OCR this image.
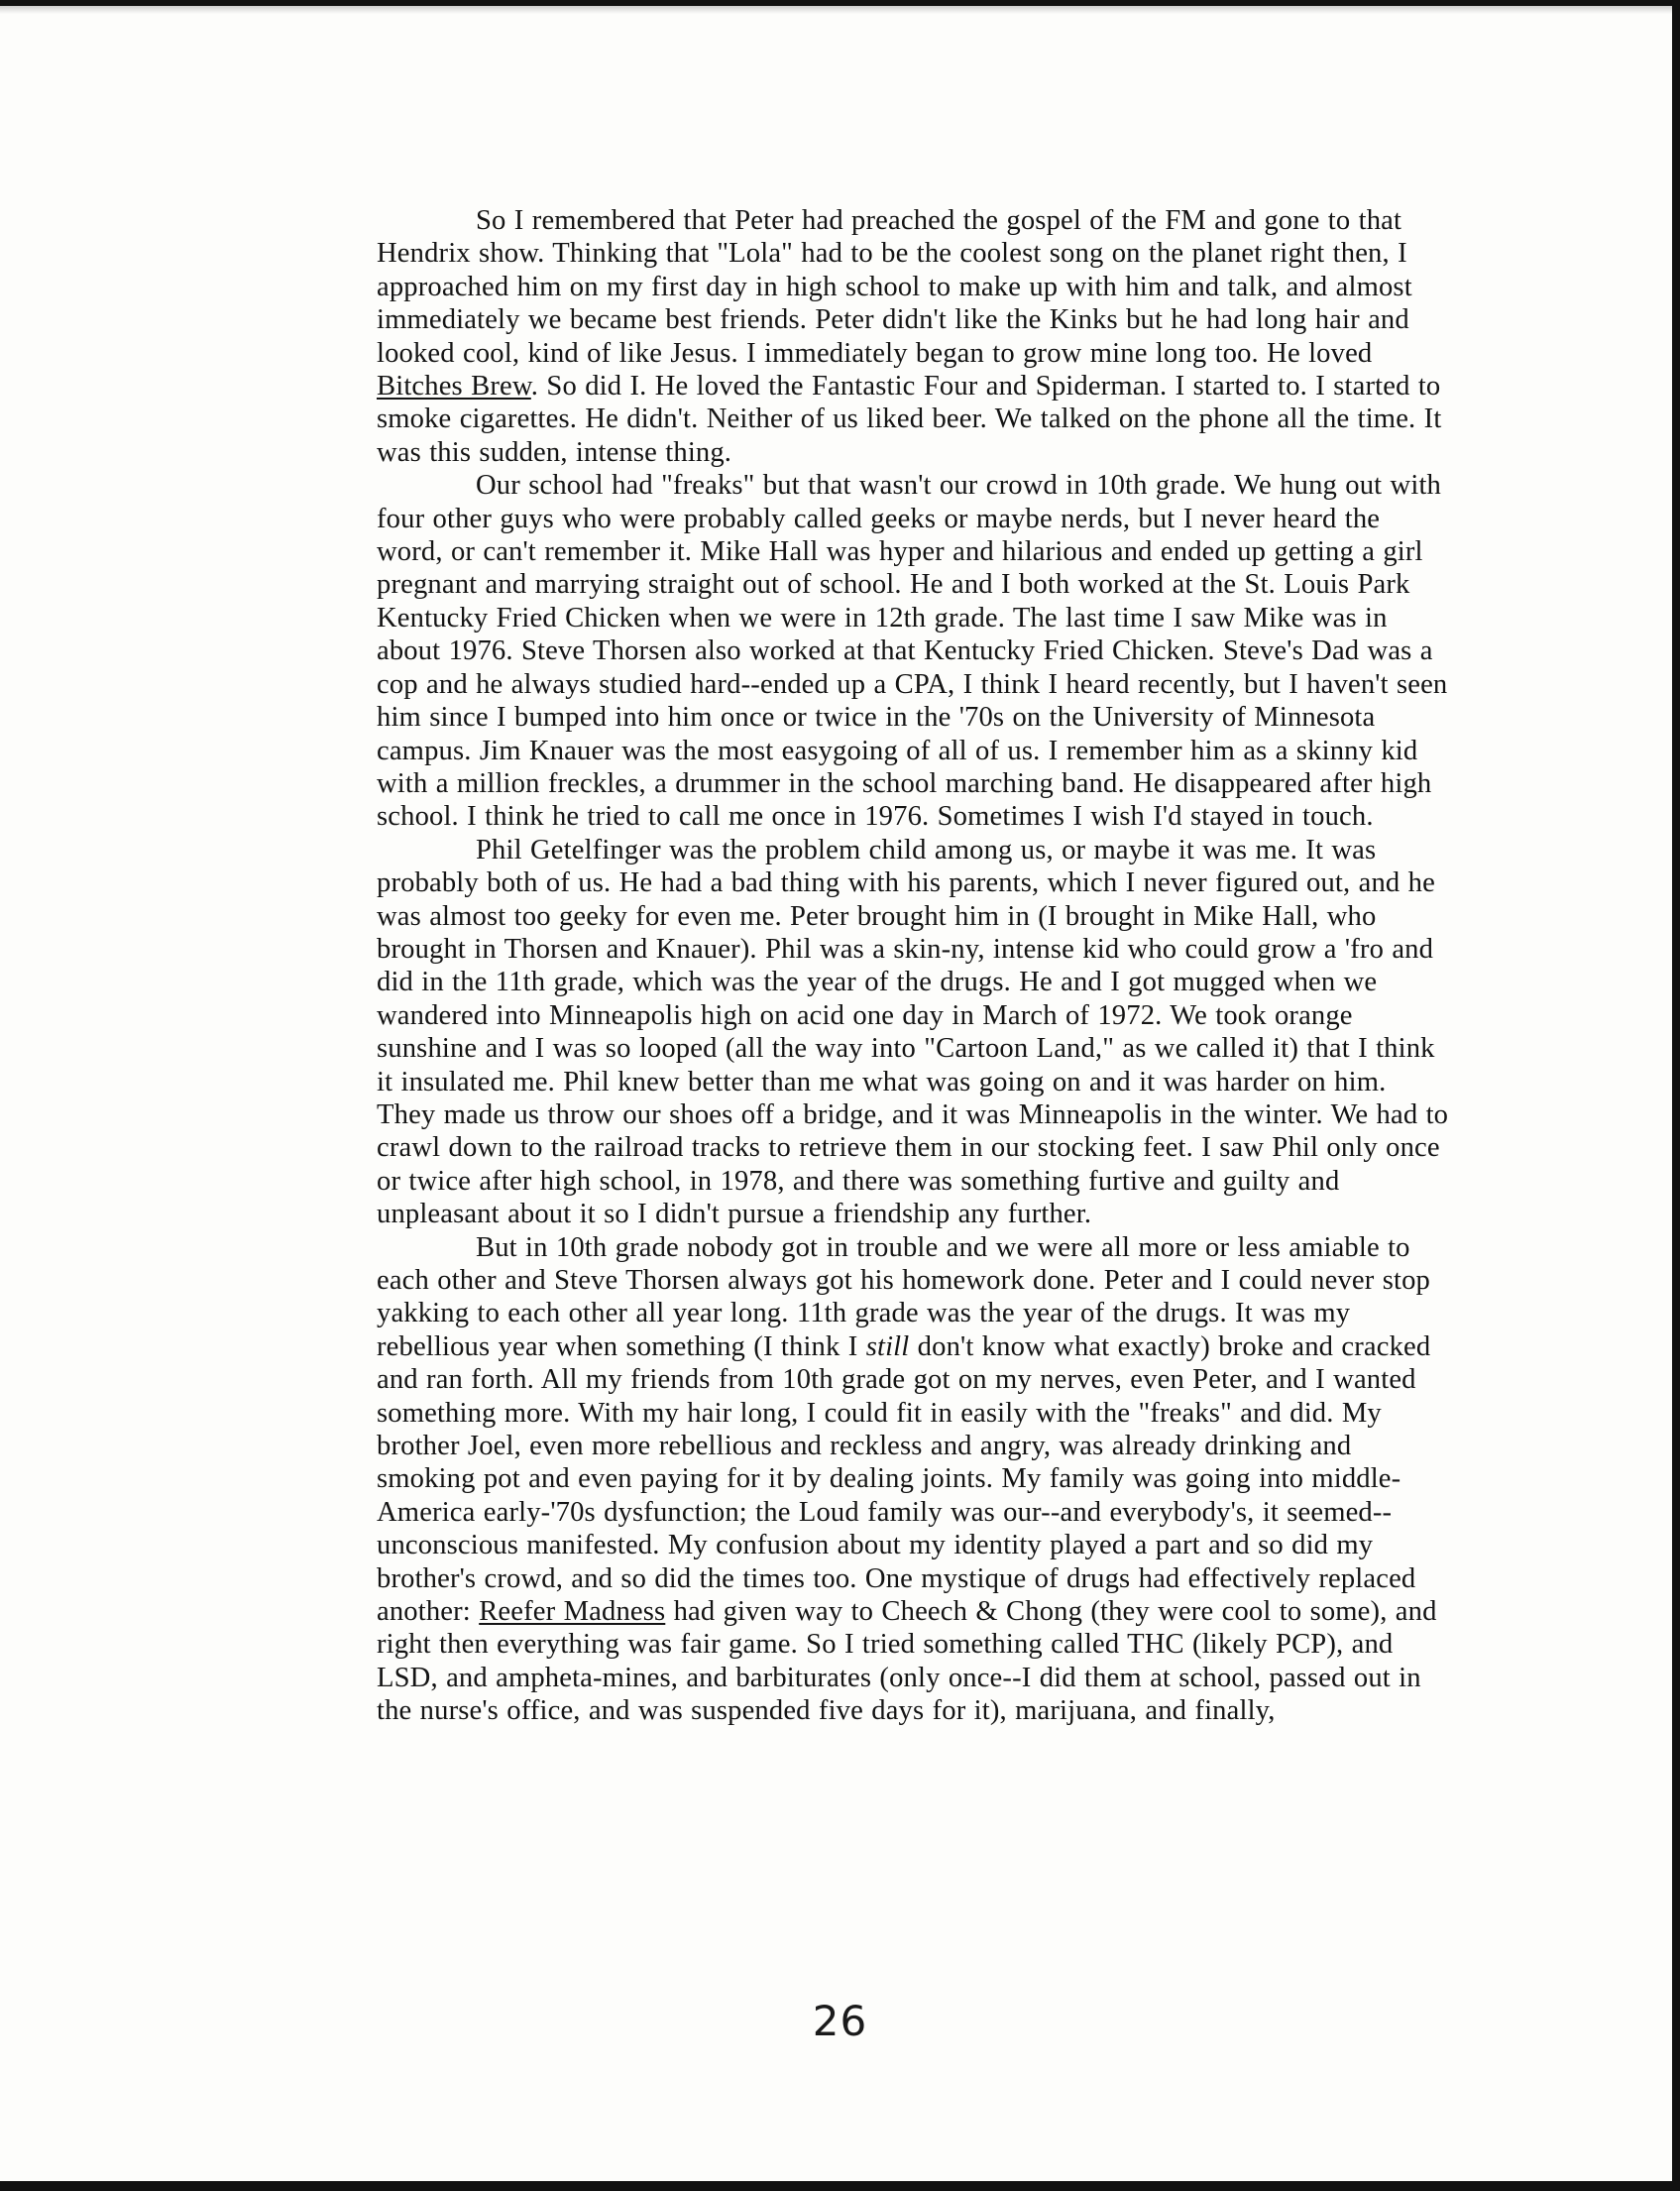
So I remembered that Peter had preached the gospel of the FM and gone to that Hendrix show. Thinking that "Lola" had to be the coolest song on the planet right then, I approached him on my first day in high school to make up with him and talk, and almost immediately we became best friends. Peter didn't like the Kinks but he had long hair and looked cool, kind of like Jesus. I immediately began to grow mine long too. He loved Bitches Brew. So did I. He loved the Fantastic Four and Spiderman. I started to. I started to smoke cigarettes. He didn't. Neither of us liked beer. We talked on the phone all the time. It was this sudden, intense thing.

Our school had "freaks" but that wasn't our crowd in 10th grade. We hung out with four other guys who were probably called geeks or maybe nerds, but I never heard the word, or can't remember it. Mike Hall was hyper and hilarious and ended up getting a girl pregnant and marrying straight out of school. He and I both worked at the St. Louis Park Kentucky Fried Chicken when we were in 12th grade. The last time I saw Mike was in about 1976. Steve Thorsen also worked at that Kentucky Fried Chicken. Steve's Dad was a cop and he always studied hard--ended up a CPA, I think I heard recently, but I haven't seen him since I bumped into him once or twice in the '70s on the University of Minnesota campus. Jim Knauer was the most easygoing of all of us. I remember him as a skinny kid with a million freckles, a drummer in the school marching band. He disappeared after high school. I think he tried to call me once in 1976. Sometimes I wish I'd stayed in touch.

Phil Getelfinger was the problem child among us, or maybe it was me. It was probably both of us. He had a bad thing with his parents, which I never figured out, and he was almost too geeky for even me. Peter brought him in (I brought in Mike Hall, who brought in Thorsen and Knauer). Phil was a skin-ny, intense kid who could grow a 'fro and did in the 11th grade, which was the year of the drugs. He and I got mugged when we wandered into Minneapolis high on acid one day in March of 1972. We took orange sunshine and I was so looped (all the way into "Cartoon Land," as we called it) that I think it insulated me. Phil knew better than me what was going on and it was harder on him. They made us throw our shoes off a bridge, and it was Minneapolis in the winter. We had to crawl down to the railroad tracks to retrieve them in our stocking feet. I saw Phil only once or twice after high school, in 1978, and there was something furtive and guilty and unpleasant about it so I didn't pursue a friendship any further.

But in 10th grade nobody got in trouble and we were all more or less amiable to each other and Steve Thorsen always got his homework done. Peter and I could never stop yakking to each other all year long. 11th grade was the year of the drugs. It was my rebellious year when something (I think I still don't know what exactly) broke and cracked and ran forth. All my friends from 10th grade got on my nerves, even Peter, and I wanted something more. With my hair long, I could fit in easily with the "freaks" and did. My brother Joel, even more rebellious and reckless and angry, was already drinking and smoking pot and even paying for it by dealing joints. My family was going into middle-America early-'70s dysfunction; the Loud family was our--and everybody's, it seemed--unconscious manifested. My confusion about my identity played a part and so did my brother's crowd, and so did the times too. One mystique of drugs had effectively replaced another: Reefer Madness had given way to Cheech & Chong (they were cool to some), and right then everything was fair game. So I tried something called THC (likely PCP), and LSD, and ampheta-mines, and barbiturates (only once--I did them at school, passed out in the nurse's office, and was suspended five days for it), marijuana, and finally,

26
